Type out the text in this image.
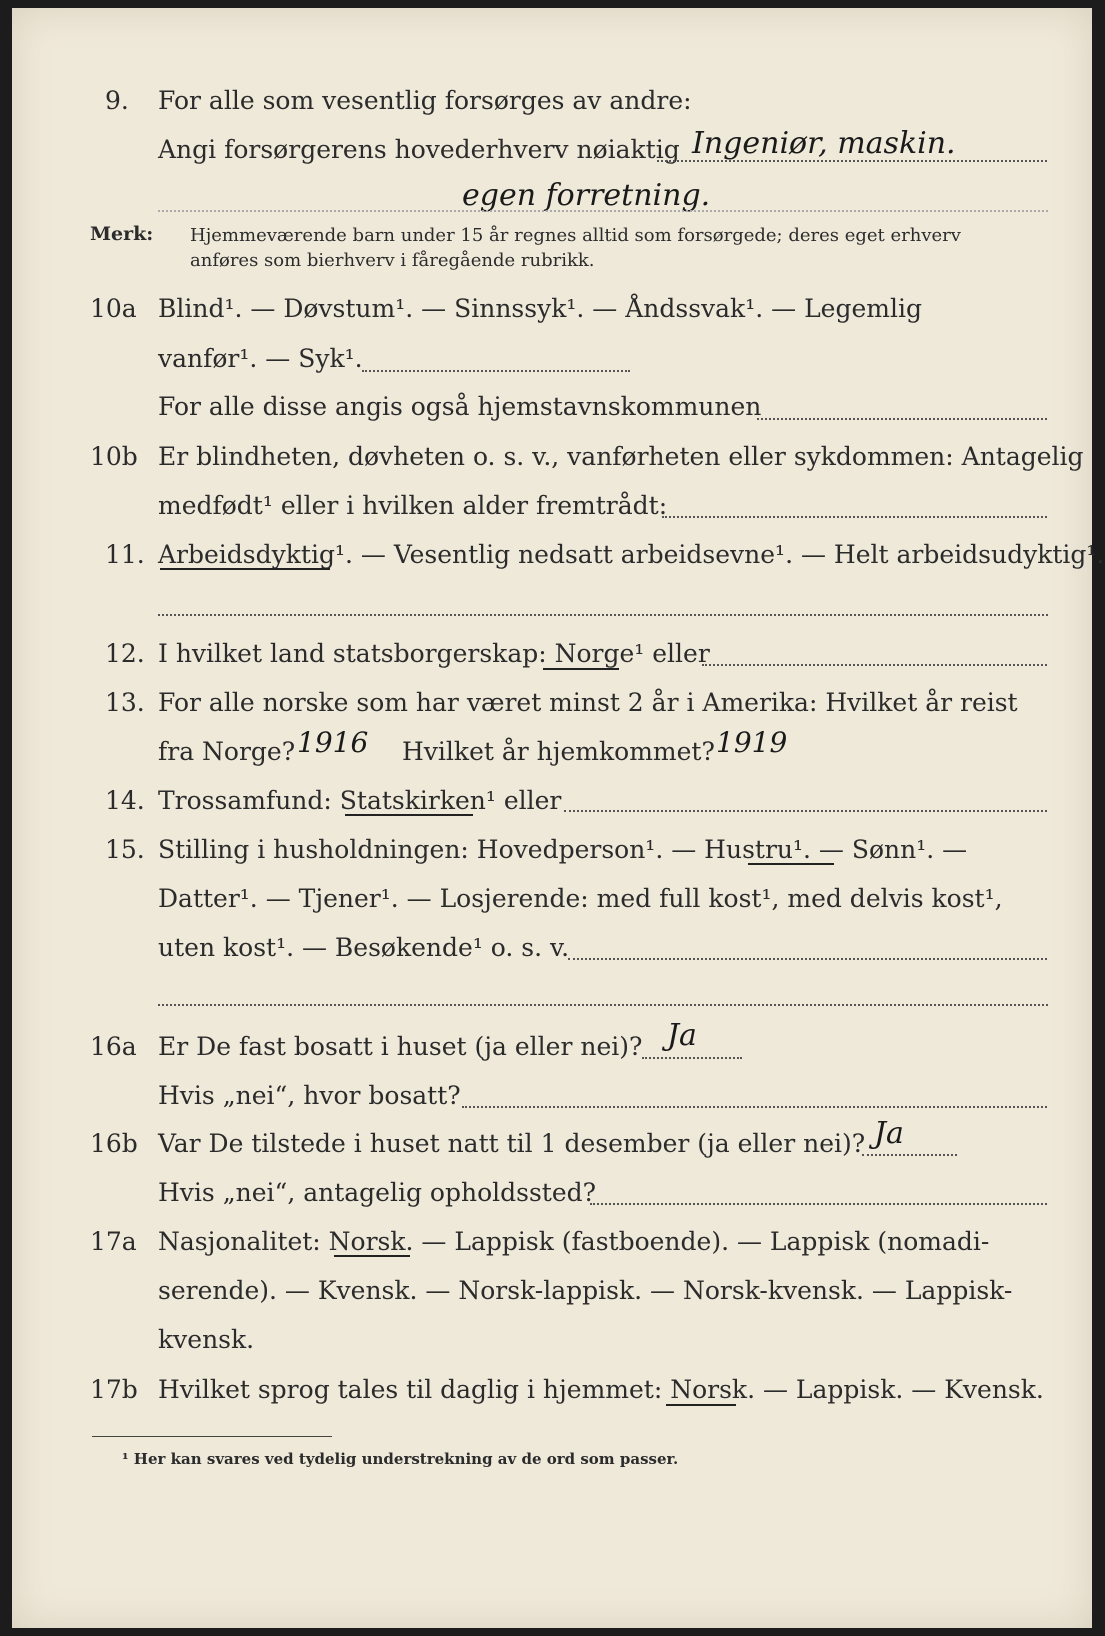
9. For alle som vesentlig forsørges av andre:
Angi forsørgerens hovederhverv nøiaktig Ingeniør, maskin.
egen forretning.
Merk: Hjemmeværende barn under 15 år regnes alltid som forsørgede; deres eget erhverv
anføres som bierhverv i fåregående rubrikk.
10a Blind¹. — Døvstum¹. — Sinnssyk¹. — Åndssvak¹. — Legemlig
vanfør¹. — Syk¹.
For alle disse angis også hjemstavnskommunen
10b Er blindheten, døvheten o. s. v., vanførheten eller sykdommen: Antagelig
medfødt¹ eller i hvilken alder fremtrådt:
11. Arbeidsdyktig¹. — Vesentlig nedsatt arbeidsevne¹. — Helt arbeidsudyktig¹.
12. I hvilket land statsborgerskap: Norge¹ eller
13. For alle norske som har været minst 2 år i Amerika: Hvilket år reist
fra Norge? 1916 Hvilket år hjemkommet? 1919
14. Trossamfund: Statskirken¹ eller
15. Stilling i husholdningen: Hovedperson¹. — Hustru¹. — Sønn¹. —
Datter¹. — Tjener¹. — Losjerende: med full kost¹, med delvis kost¹,
uten kost¹. — Besøkende¹ o. s. v.
16a Er De fast bosatt i huset (ja eller nei)? Ja
Hvis „nei“, hvor bosatt?
16b Var De tilstede i huset natt til 1 desember (ja eller nei)? Ja
Hvis „nei“, antagelig opholdssted?
17a Nasjonalitet: Norsk. — Lappisk (fastboende). — Lappisk (nomadi-
serende). — Kvensk. — Norsk-lappisk. — Norsk-kvensk. — Lappisk-
kvensk.
17b Hvilket sprog tales til daglig i hjemmet: Norsk. — Lappisk. — Kvensk.
¹ Her kan svares ved tydelig understrekning av de ord som passer.
